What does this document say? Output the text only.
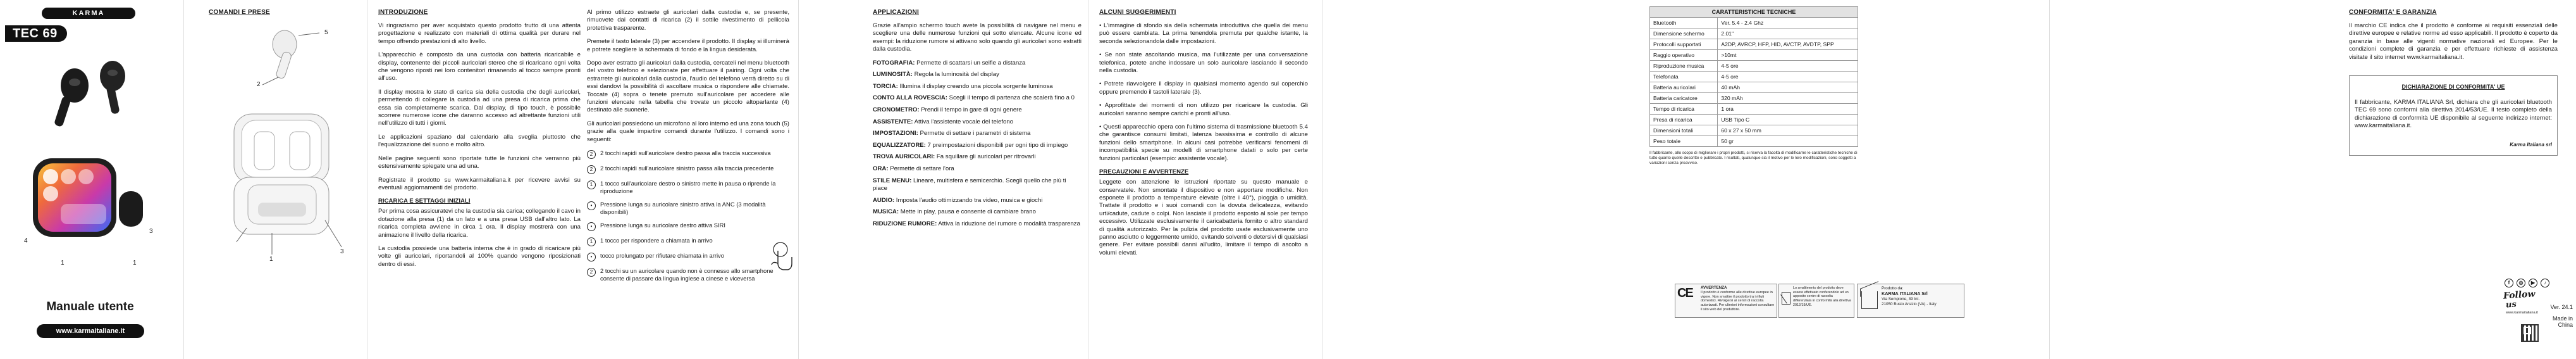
KARMA
TEC 69
4
1
3
1
Manuale utente
www.karmaitaliane.it
COMANDI E PRESE
5
2
1
3
INTRODUZIONE

Vi ringraziamo per aver acquistato questo prodotto frutto di una attenta progettazione e realizzato con materiali di ottima qualità per durare nel tempo offrendo prestazioni di alto livello.

L'apparecchio è composto da una custodia con batteria ricaricabile e display, contenente dei piccoli auricolari stereo che si ricaricano ogni volta che vengono riposti nei loro contenitori rimanendo al tocco sempre pronti all'uso.

Il display mostra lo stato di carica sia della custodia che degli auricolari, permettendo di collegare la custodia ad una presa di ricarica prima che essa sia completamente scarica. Dal display, di tipo touch, è possibile scorrere numerose icone che daranno accesso ad altrettante funzioni utili nell'utilizzo di tutti i giorni.

Le applicazioni spaziano dal calendario alla sveglia piuttosto che l'equalizzazione del suono e molto altro.

Nelle pagine seguenti sono riportate tutte le funzioni che verranno più estensivamente spiegate una ad una.

Registrate il prodotto su www.karmaitaliana.it per ricevere avvisi su eventuali aggiornamenti del prodotto.

RICARICA E SETTAGGI INIZIALI

Per prima cosa assicuratevi che la custodia sia carica; collegando il cavo in dotazione alla presa (1) da un lato e a una presa USB dall'altro lato. La ricarica completa avviene in circa 1 ora. Il display mostrerà con una animazione il livello della ricarica.

La custodia possiede una batteria interna che è in grado di ricaricare più volte gli auricolari, riportandoli al 100% quando vengono riposizionati dentro di essi.

Al primo utilizzo estraete gli auricolari dalla custodia e, se presente, rimuovete dai contatti di ricarica (2) il sottile rivestimento di pellicola protettiva trasparente.

Premete il tasto laterale (3) per accendere il prodotto. Il display si illuminerà e potrete scegliere la schermata di fondo e la lingua desiderata.

Dopo aver estratto gli auricolari dalla custodia, cercateli nel menu bluetooth del vostro telefono e selezionate per effettuare il pairing. Ogni volta che estrarrete gli auricolari dalla custodia, l'audio del telefono verrà diretto su di essi dandovi la possibilità di ascoltare musica o rispondere alle chiamate. Toccate (4) sopra o tenete premuto sull'auricolare per accedere alle funzioni elencate nella tabella che trovate un piccolo altoparlante (4) destinato alle suonerie.

Gli auricolari possiedono un microfono al loro interno ed una zona touch (5) grazie alla quale impartire comandi durante l'utilizzo. I comandi sono i seguenti:

2	2 tocchi rapidi sull'auricolare destro passa alla traccia successiva
2	2 tocchi rapidi sull'auricolare sinistro passa alla traccia precedente
1	1 tocco sull'auricolare destro o sinistro mette in pausa o riprende la riproduzione
•	Pressione lunga su auricolare sinistro attiva la ANC (3 modalità disponibili)
•	Pressione lunga su auricolare destro attiva SIRI
1	1 tocco per rispondere a chiamata in arrivo
•	tocco prolungato per rifiutare chiamata in arrivo
2	2 tocchi su un auricolare quando non è connesso allo smartphone consente di passare da lingua inglese a cinese e viceversa
APPLICAZIONI

Grazie all'ampio schermo touch avete la possibilità di navigare nel menu e scegliere una delle numerose funzioni qui sotto elencate. Alcune icone ed esempi: la riduzione rumore si attivano solo quando gli auricolari sono estratti dalla custodia.

FOTOGRAFIA: Permette di scattarsi un selfie a distanza
LUMINOSITÀ: Regola la luminosità del display
TORCIA: Illumina il display creando una piccola sorgente luminosa
CONTO ALLA ROVESCIA: Scegli il tempo di partenza che scalerà fino a 0
CRONOMETRO: Prendi il tempo in gare di ogni genere
ASSISTENTE: Attiva l'assistente vocale del telefono
IMPOSTAZIONI: Permette di settare i parametri di sistema
EQUALIZZATORE: 7 preimpostazioni disponibili per ogni tipo di impiego
TROVA AURICOLARI: Fa squillare gli auricolari per ritrovarli
ORA: Permette di settare l'ora
STILE MENU: Lineare, multisfera e semicerchio. Scegli quello che più ti piace
AUDIO: Imposta l'audio ottimizzando tra video, musica e giochi
MUSICA: Mette in play, pausa e consente di cambiare brano
RIDUZIONE RUMORE: Attiva la riduzione del rumore o modalità trasparenza
ALCUNI SUGGERIMENTI

• L'immagine di sfondo sia della schermata introduttiva che quella dei menu può essere cambiata. La prima tenendola premuta per qualche istante, la seconda selezionandola dalle impostazioni.

• Se non state ascoltando musica, ma l'utilizzate per una conversazione telefonica, potete anche indossare un solo auricolare lasciando il secondo nella custodia.

• Potrete riavvolgere il display in qualsiasi momento agendo sul coperchio oppure premendo il tastoli laterale (3).

• Approfittate dei momenti di non utilizzo per ricaricare la custodia. Gli auricolari saranno sempre carichi e pronti all'uso.

• Questi apparecchio opera con l'ultimo sistema di trasmissione bluetooth 5.4 che garantisce consumi limitati, latenza bassissima e controllo di alcune funzioni dello smartphone. In alcuni casi potrebbe verificarsi fenomeni di incompatibilità specie su modelli di smartphone datati o solo per certe funzioni particolari (esempio: assistente vocale).

PRECAUZIONI E AVVERTENZE

Leggete con attenzione le istruzioni riportate su questo manuale e conservatele. Non smontate il dispositivo e non apportare modifiche. Non esponete il prodotto a temperature elevate (oltre i 40°), pioggia o umidità. Trattate il prodotto e i suoi comandi con la dovuta delicatezza, evitando urti/cadute, cadute o colpi. Non lasciate il prodotto esposto al sole per tempo eccessivo. Utilizzate esclusivamente il caricabatteria fornito o altro standard di qualità autorizzato. Per la pulizia del prodotto usate esclusivamente uno panno asciutto o leggermente umido, evitando solventi o detersivi di qualsiasi genere. Per evitare possibili danni all'udito, limitare il tempo di ascolto a volumi elevati.

CARATTERISTICHE TECNICHE	
Bluetooth	Ver. 5.4 - 2.4 Ghz
Dimensione schermo	2.01"
Protocolli supportati	A2DP, AVRCP, HFP, HID, AVCTP, AVDTP, SPP
Raggio operativo	>10mt
Riproduzione musica	4-5 ore
Telefonata	4-5 ore
Batteria auricolari	40 mAh
Batteria caricatore	320 mAh
Tempo di ricarica	1 ora
Presa di ricarica	USB Tipo C
Dimensioni totali	60 x 27 x 50 mm
Peso totale	50 gr

Il fabbricante, allo scopo di migliorare i propri prodotti, si riserva la facoltà di modificarne le caratteristiche tecniche di tutto quanto quelle descritte e pubblicate. I risultati, qualunque sia il motivo per le loro modificazioni, sono soggetti a variazioni senza preavviso.

CE AVVERTENZA
Il prodotto è conforme alle direttive europee in vigore. Non smaltire il prodotto tra i rifiuti domestici. Rivolgersi ai centri di raccolta autorizzati. Per ulteriori informazioni consultare il sito web del produttore.
Lo smaltimento del prodotto deve essere effettuato conferendolo ad un apposito centro di raccolta differenziata in conformità alla direttiva 2012/19/UE.
Prodotto da:
KARMA ITALIANA Srl
Via Sempione, 39 Int.
21050 Busto Arsizio (VA) - Italy
CONFORMITA' E GARANZIA

Il marchio CE indica che il prodotto è conforme ai requisiti essenziali delle direttive europee e relative norme ad esso applicabili. Il prodotto è coperto da garanzia in base alle vigenti normative nazionali ed Europee. Per le condizioni complete di garanzia e per effettuare richieste di assistenza visitate il sito internet www.karmaitaliana.it.

DICHIARAZIONE DI CONFORMITA' UE

Il fabbricante, KARMA ITALIANA Srl, dichiara che gli auricolari bluetooth TEC 69 sono conformi alla direttiva 2014/53/UE. Il testo completo della dichiarazione di conformità UE disponibile al seguente indirizzo internet: www.karmaitaliana.it.

Karma Italiana srl
f	◎	▶	♪
Follow
us
www.karmaitaliana.it
Ver. 24.1
Made in China
